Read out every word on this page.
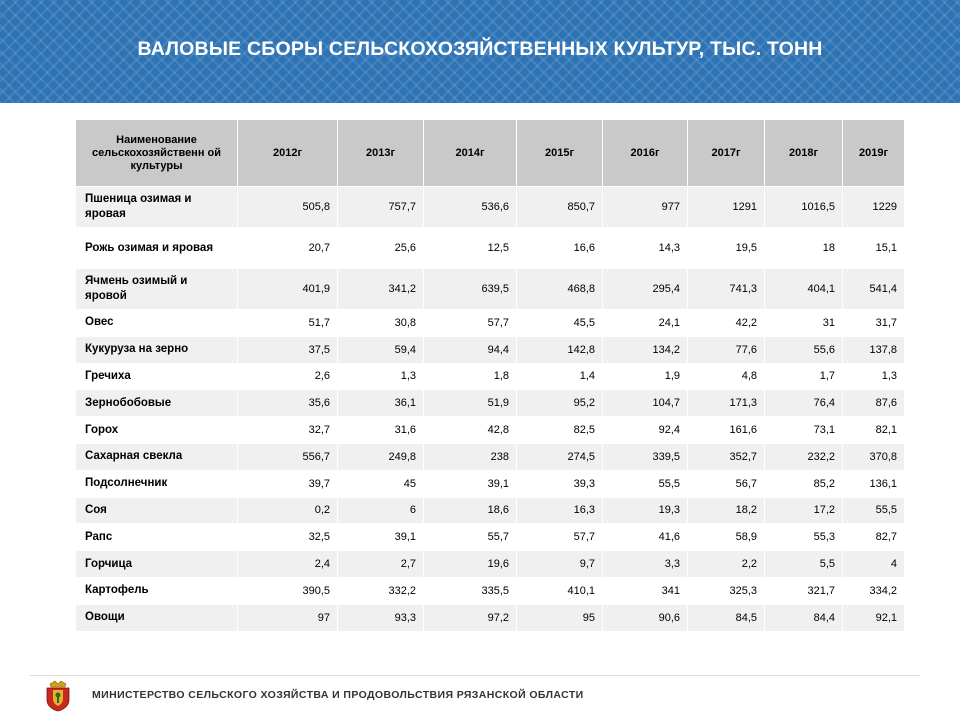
ВАЛОВЫЕ СБОРЫ СЕЛЬСКОХОЗЯЙСТВЕННЫХ КУЛЬТУР, ТЫС. ТОНН
Наименование сельскохозяйственн ой культуры	2012г	2013г	2014г	2015г	2016г	2017г	2018г	2019г
Пшеница озимая и яровая	505,8	757,7	536,6	850,7	977	1291	1016,5	1229
Рожь озимая и яровая	20,7	25,6	12,5	16,6	14,3	19,5	18	15,1
Ячмень озимый и яровой	401,9	341,2	639,5	468,8	295,4	741,3	404,1	541,4
Овес	51,7	30,8	57,7	45,5	24,1	42,2	31	31,7
Кукуруза на зерно	37,5	59,4	94,4	142,8	134,2	77,6	55,6	137,8
Гречиха	2,6	1,3	1,8	1,4	1,9	4,8	1,7	1,3
Зернобобовые	35,6	36,1	51,9	95,2	104,7	171,3	76,4	87,6
Горох	32,7	31,6	42,8	82,5	92,4	161,6	73,1	82,1
Сахарная свекла	556,7	249,8	238	274,5	339,5	352,7	232,2	370,8
Подсолнечник	39,7	45	39,1	39,3	55,5	56,7	85,2	136,1
Соя	0,2	6	18,6	16,3	19,3	18,2	17,2	55,5
Рапс	32,5	39,1	55,7	57,7	41,6	58,9	55,3	82,7
Горчица	2,4	2,7	19,6	9,7	3,3	2,2	5,5	4
Картофель	390,5	332,2	335,5	410,1	341	325,3	321,7	334,2
Овощи	97	93,3	97,2	95	90,6	84,5	84,4	92,1
МИНИСТЕРСТВО СЕЛЬСКОГО ХОЗЯЙСТВА И ПРОДОВОЛЬСТВИЯ РЯЗАНСКОЙ ОБЛАСТИ
